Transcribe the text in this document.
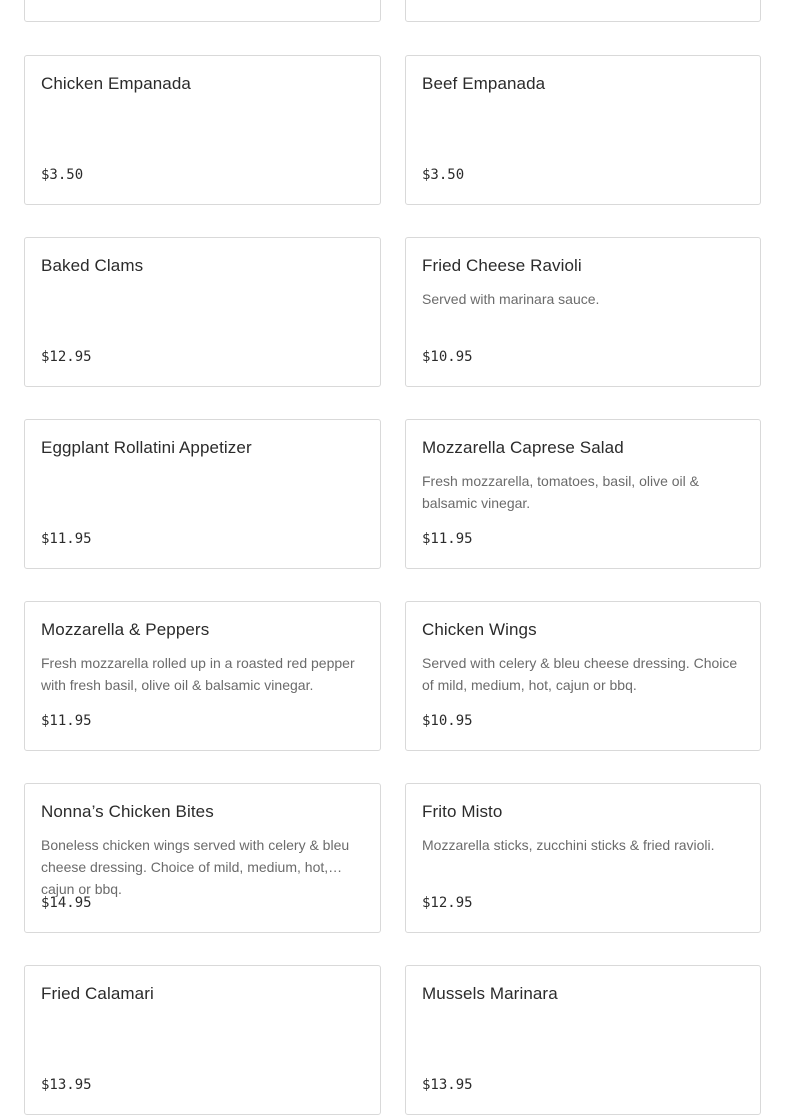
Chicken Empanada
$3.50
Beef Empanada
$3.50
Baked Clams
$12.95
Fried Cheese Ravioli
Served with marinara sauce.
$10.95
Eggplant Rollatini Appetizer
$11.95
Mozzarella Caprese Salad
Fresh mozzarella, tomatoes, basil, olive oil & balsamic vinegar.
$11.95
Mozzarella & Peppers
Fresh mozzarella rolled up in a roasted red pepper with fresh basil, olive oil & balsamic vinegar.
$11.95
Chicken Wings
Served with celery & bleu cheese dressing. Choice of mild, medium, hot, cajun or bbq.
$10.95
Nonna’s Chicken Bites
Boneless chicken wings served with celery & bleu cheese dressing. Choice of mild, medium, hot, cajun or bbq.
$14.95
Frito Misto
Mozzarella sticks, zucchini sticks & fried ravioli.
$12.95
Fried Calamari
$13.95
Mussels Marinara
$13.95
